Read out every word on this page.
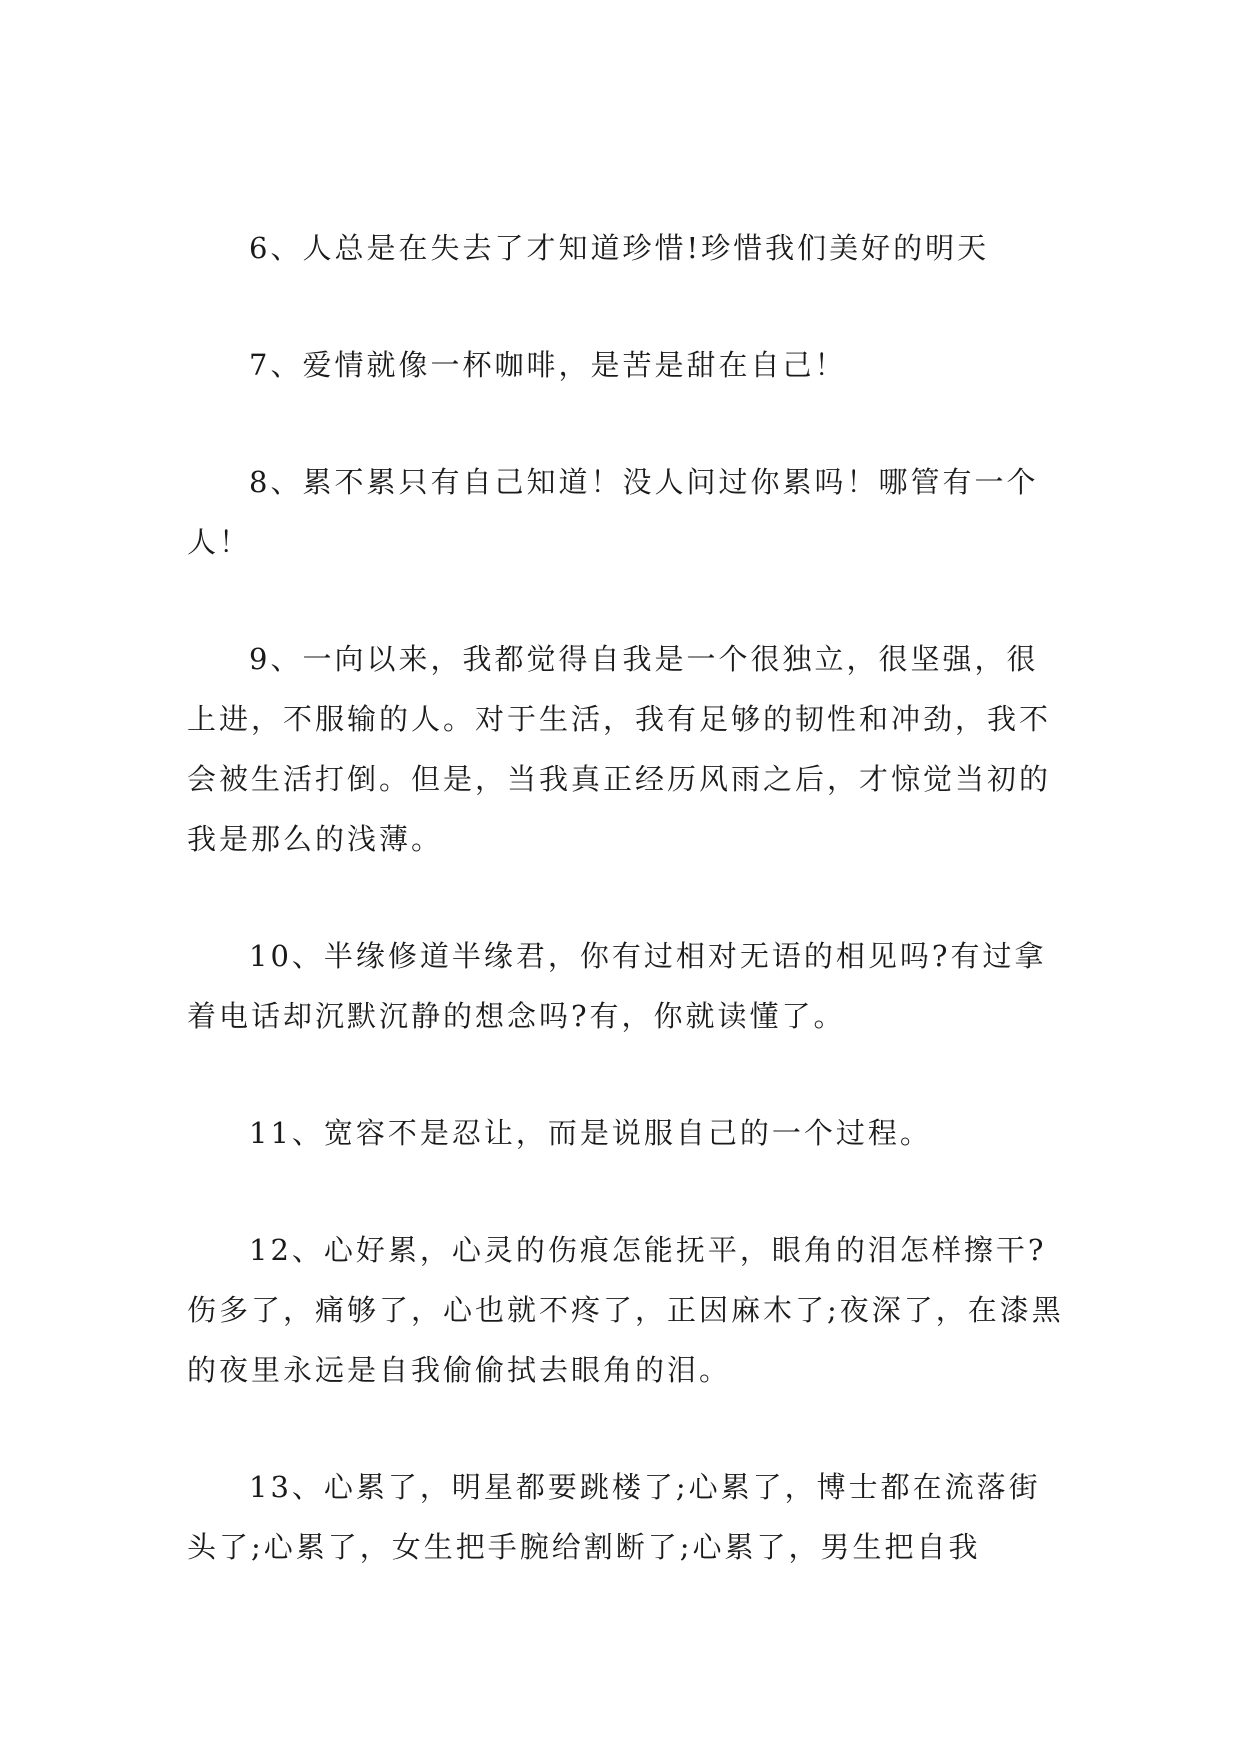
6、人总是在失去了才知道珍惜!珍惜我们美好的明天

7、爱情就像一杯咖啡，是苦是甜在自己！

8、累不累只有自己知道！没人问过你累吗！哪管有一个人！

9、一向以来，我都觉得自我是一个很独立，很坚强，很上进，不服输的人。对于生活，我有足够的韧性和冲劲，我不会被生活打倒。但是，当我真正经历风雨之后，才惊觉当初的我是那么的浅薄。

10、半缘修道半缘君，你有过相对无语的相见吗?有过拿着电话却沉默沉静的想念吗?有，你就读懂了。

11、宽容不是忍让，而是说服自己的一个过程。

12、心好累，心灵的伤痕怎能抚平，眼角的泪怎样擦干?伤多了，痛够了，心也就不疼了，正因麻木了;夜深了，在漆黑的夜里永远是自我偷偷拭去眼角的泪。

13、心累了，明星都要跳楼了;心累了，博士都在流落街头了;心累了，女生把手腕给割断了;心累了，男生把自我
